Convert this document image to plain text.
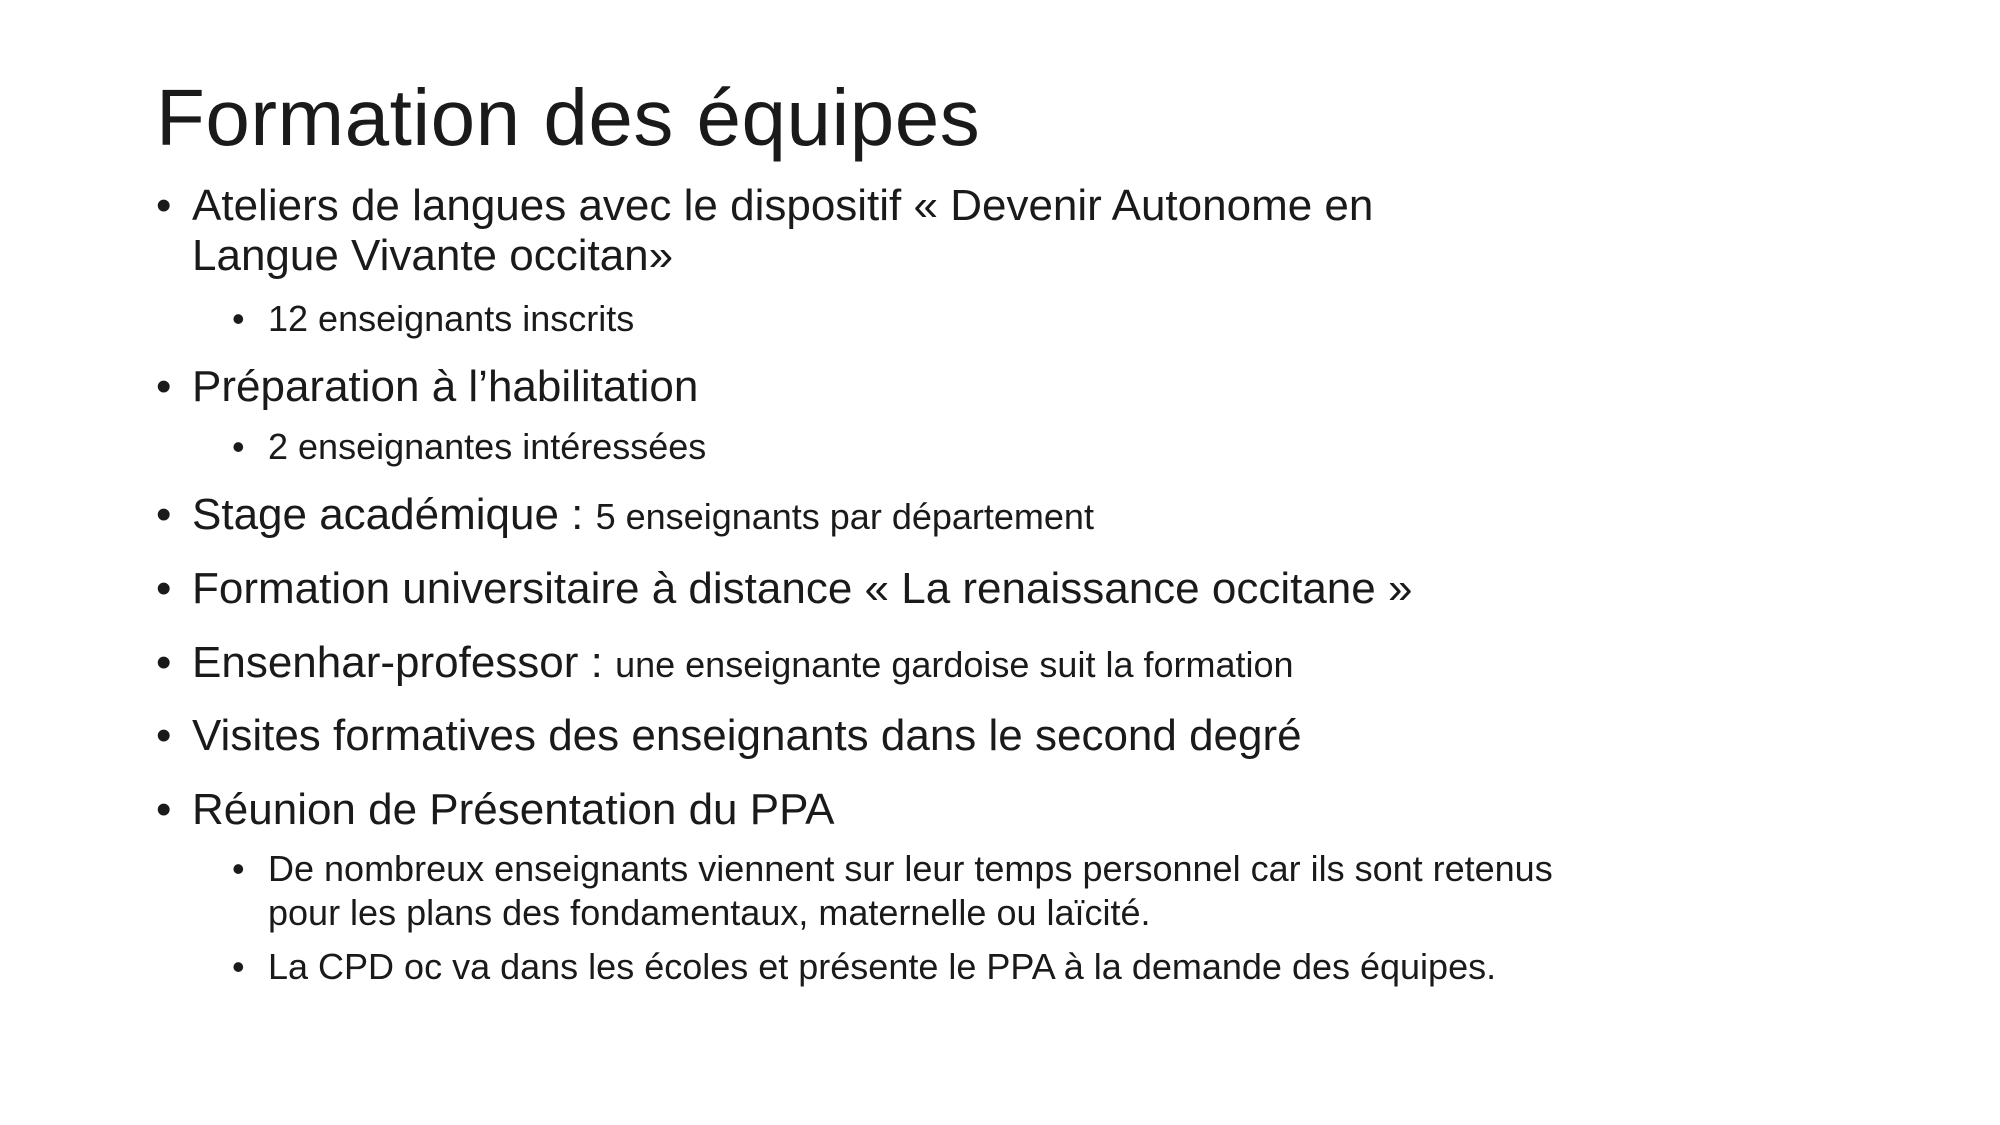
Formation des équipes
• Ateliers de langues avec le dispositif « Devenir Autonome en
Langue Vivante occitan»
• 12 enseignants inscrits
• Préparation à l’habilitation
• 2 enseignantes intéressées
• Stage académique : 5 enseignants par département
• Formation universitaire à distance « La renaissance occitane »
• Ensenhar-professor : une enseignante gardoise suit la formation
• Visites formatives des enseignants dans le second degré
• Réunion de Présentation du PPA
• De nombreux enseignants viennent sur leur temps personnel car ils sont retenus
pour les plans des fondamentaux, maternelle ou laïcité.
• La CPD oc va dans les écoles et présente le PPA à la demande des équipes.
